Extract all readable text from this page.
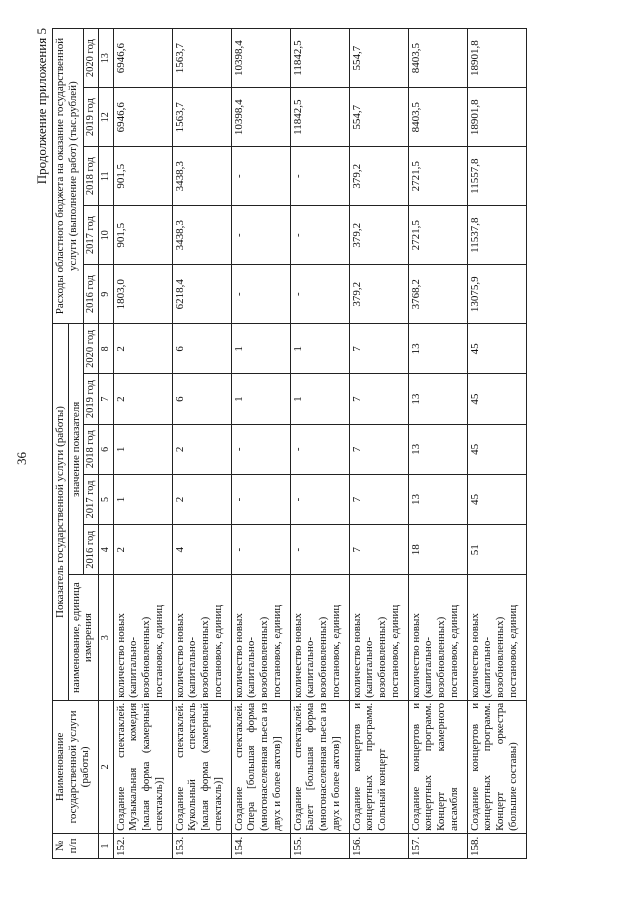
36
Продолжение приложения 5
№ п/п	Наименование государственной услуги (работы)	Показатель государственной услуги (работы)						Расходы областного бюджета на оказание государственной услуги (выполнение работ) (тыс.рублей)				
		наименование, единица измерения	значение показателя									
			2016 год	2017 год	2018 год	2019 год	2020 год	2016 год	2017 год	2018 год	2019 год	2020 год
1	2	3	4	5	6	7	8	9	10	11	12	13
152.	Создание спектаклей. Музыкальная комедия [малая форма (камерный спектакль)]	количество новых (капитально-возобновленных) постановок, единиц	2	1	1	2	2	1803,0	901,5	901,5	6946,6	6946,6
153.	Создание спектаклей. Кукольный спектакль [малая форма (камерный спектакль)]	количество новых (капитально-возобновленных) постановок, единиц	4	2	2	6	6	6218,4	3438,3	3438,3	1563,7	1563,7
154.	Создание спектаклей. Опера [большая форма (многонаселенная пьеса из двух и более актов)]	количество новых (капитально-возобновленных) постановок, единиц	-	-	-	1	1	-	-	-	10398,4	10398,4
155.	Создание спектаклей. Балет [большая форма (многонаселенная пьеса из двух и более актов)]	количество новых (капитально-возобновленных) постановок, единиц	-	-	-	1	1	-	-	-	11842,5	11842,5
156.	Создание концертов и концертных программ. Сольный концерт	количество новых (капитально-возобновленных) постановок, единиц	7	7	7	7	7	379,2	379,2	379,2	554,7	554,7
157.	Создание концертов и концертных программ. Концерт камерного ансамбля	количество новых (капитально-возобновленных) постановок, единиц	18	13	13	13	13	3768,2	2721,5	2721,5	8403,5	8403,5
158.	Создание концертов и концертных программ. Концерт оркестра (большие составы)	количество новых (капитально-возобновленных) постановок, единиц	51	45	45	45	45	13075,9	11537,8	11557,8	18901,8	18901,8
